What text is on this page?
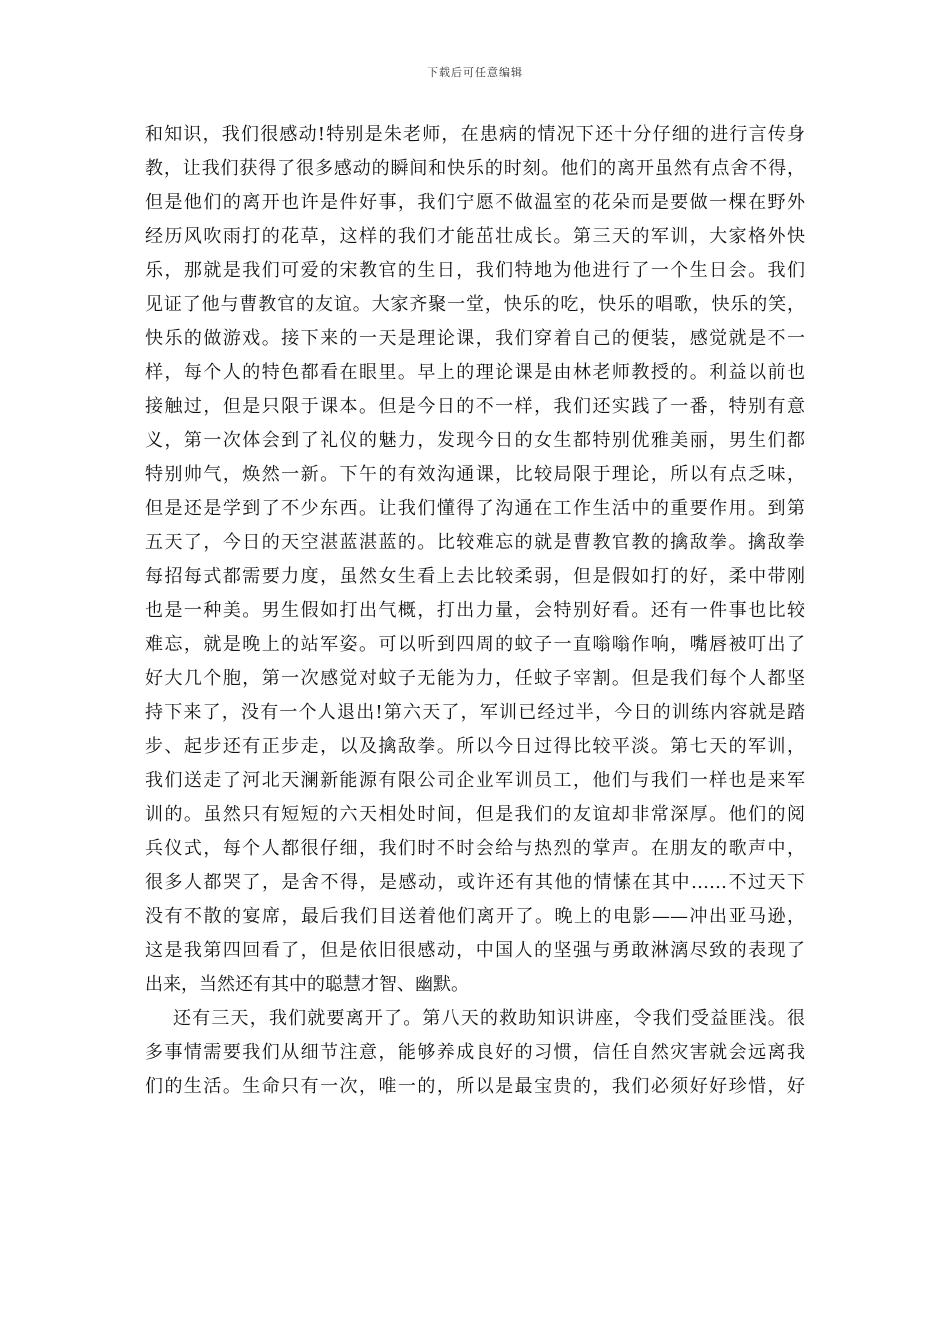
下载后可任意编辑
和知识，我们很感动!特别是朱老师，在患病的情况下还十分仔细的进行言传身
教，让我们获得了很多感动的瞬间和快乐的时刻。他们的离开虽然有点舍不得，
但是他们的离开也许是件好事，我们宁愿不做温室的花朵而是要做一棵在野外
经历风吹雨打的花草，这样的我们才能茁壮成长。第三天的军训，大家格外快
乐，那就是我们可爱的宋教官的生日，我们特地为他进行了一个生日会。我们
见证了他与曹教官的友谊。大家齐聚一堂，快乐的吃，快乐的唱歌，快乐的笑，
快乐的做游戏。接下来的一天是理论课，我们穿着自己的便装，感觉就是不一
样，每个人的特色都看在眼里。早上的理论课是由林老师教授的。利益以前也
接触过，但是只限于课本。但是今日的不一样，我们还实践了一番，特别有意
义，第一次体会到了礼仪的魅力，发现今日的女生都特别优雅美丽，男生们都
特别帅气，焕然一新。下午的有效沟通课，比较局限于理论，所以有点乏味，
但是还是学到了不少东西。让我们懂得了沟通在工作生活中的重要作用。到第
五天了，今日的天空湛蓝湛蓝的。比较难忘的就是曹教官教的擒敌拳。擒敌拳
每招每式都需要力度，虽然女生看上去比较柔弱，但是假如打的好，柔中带刚
也是一种美。男生假如打出气概，打出力量，会特别好看。还有一件事也比较
难忘，就是晚上的站军姿。可以听到四周的蚊子一直嗡嗡作响，嘴唇被叮出了
好大几个胞，第一次感觉对蚊子无能为力，任蚊子宰割。但是我们每个人都坚
持下来了，没有一个人退出!第六天了，军训已经过半，今日的训练内容就是踏
步、起步还有正步走，以及擒敌拳。所以今日过得比较平淡。第七天的军训，
我们送走了河北天澜新能源有限公司企业军训员工，他们与我们一样也是来军
训的。虽然只有短短的六天相处时间，但是我们的友谊却非常深厚。他们的阅
兵仪式，每个人都很仔细，我们时不时会给与热烈的掌声。在朋友的歌声中，
很多人都哭了，是舍不得，是感动，或许还有其他的情愫在其中……不过天下
没有不散的宴席，最后我们目送着他们离开了。晚上的电影——冲出亚马逊，
这是我第四回看了，但是依旧很感动，中国人的坚强与勇敢淋漓尽致的表现了
出来，当然还有其中的聪慧才智、幽默。
还有三天，我们就要离开了。第八天的救助知识讲座，令我们受益匪浅。很
多事情需要我们从细节注意，能够养成良好的习惯，信任自然灾害就会远离我
们的生活。生命只有一次，唯一的，所以是最宝贵的，我们必须好好珍惜，好
